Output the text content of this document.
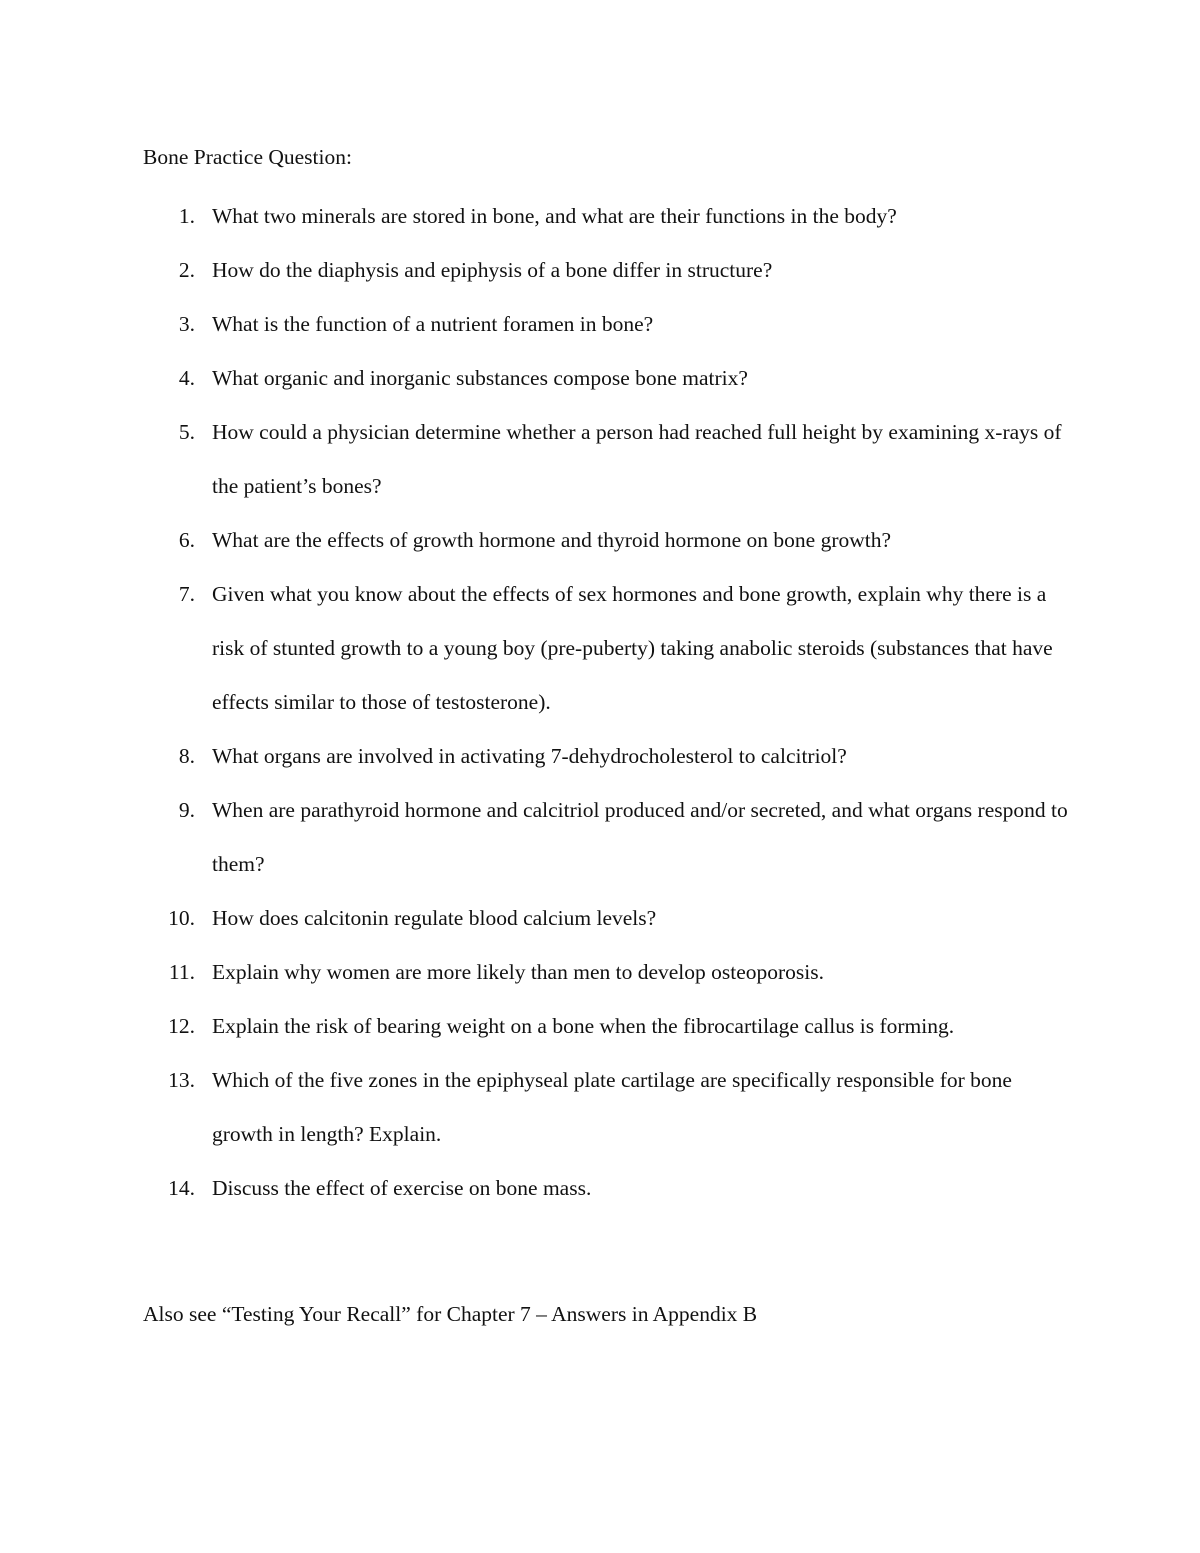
Bone Practice Question:
1. What two minerals are stored in bone, and what are their functions in the body?
2. How do the diaphysis and epiphysis of a bone differ in structure?
3. What is the function of a nutrient foramen in bone?
4. What organic and inorganic substances compose bone matrix?
5. How could a physician determine whether a person had reached full height by examining x-rays of the patient’s bones?
6. What are the effects of growth hormone and thyroid hormone on bone growth?
7. Given what you know about the effects of sex hormones and bone growth, explain why there is a risk of stunted growth to a young boy (pre-puberty) taking anabolic steroids (substances that have effects similar to those of testosterone).
8. What organs are involved in activating 7-dehydrocholesterol to calcitriol?
9. When are parathyroid hormone and calcitriol produced and/or secreted, and what organs respond to them?
10. How does calcitonin regulate blood calcium levels?
11. Explain why women are more likely than men to develop osteoporosis.
12. Explain the risk of bearing weight on a bone when the fibrocartilage callus is forming.
13. Which of the five zones in the epiphyseal plate cartilage are specifically responsible for bone growth in length? Explain.
14. Discuss the effect of exercise on bone mass.
Also see “Testing Your Recall” for Chapter 7 – Answers in Appendix B
